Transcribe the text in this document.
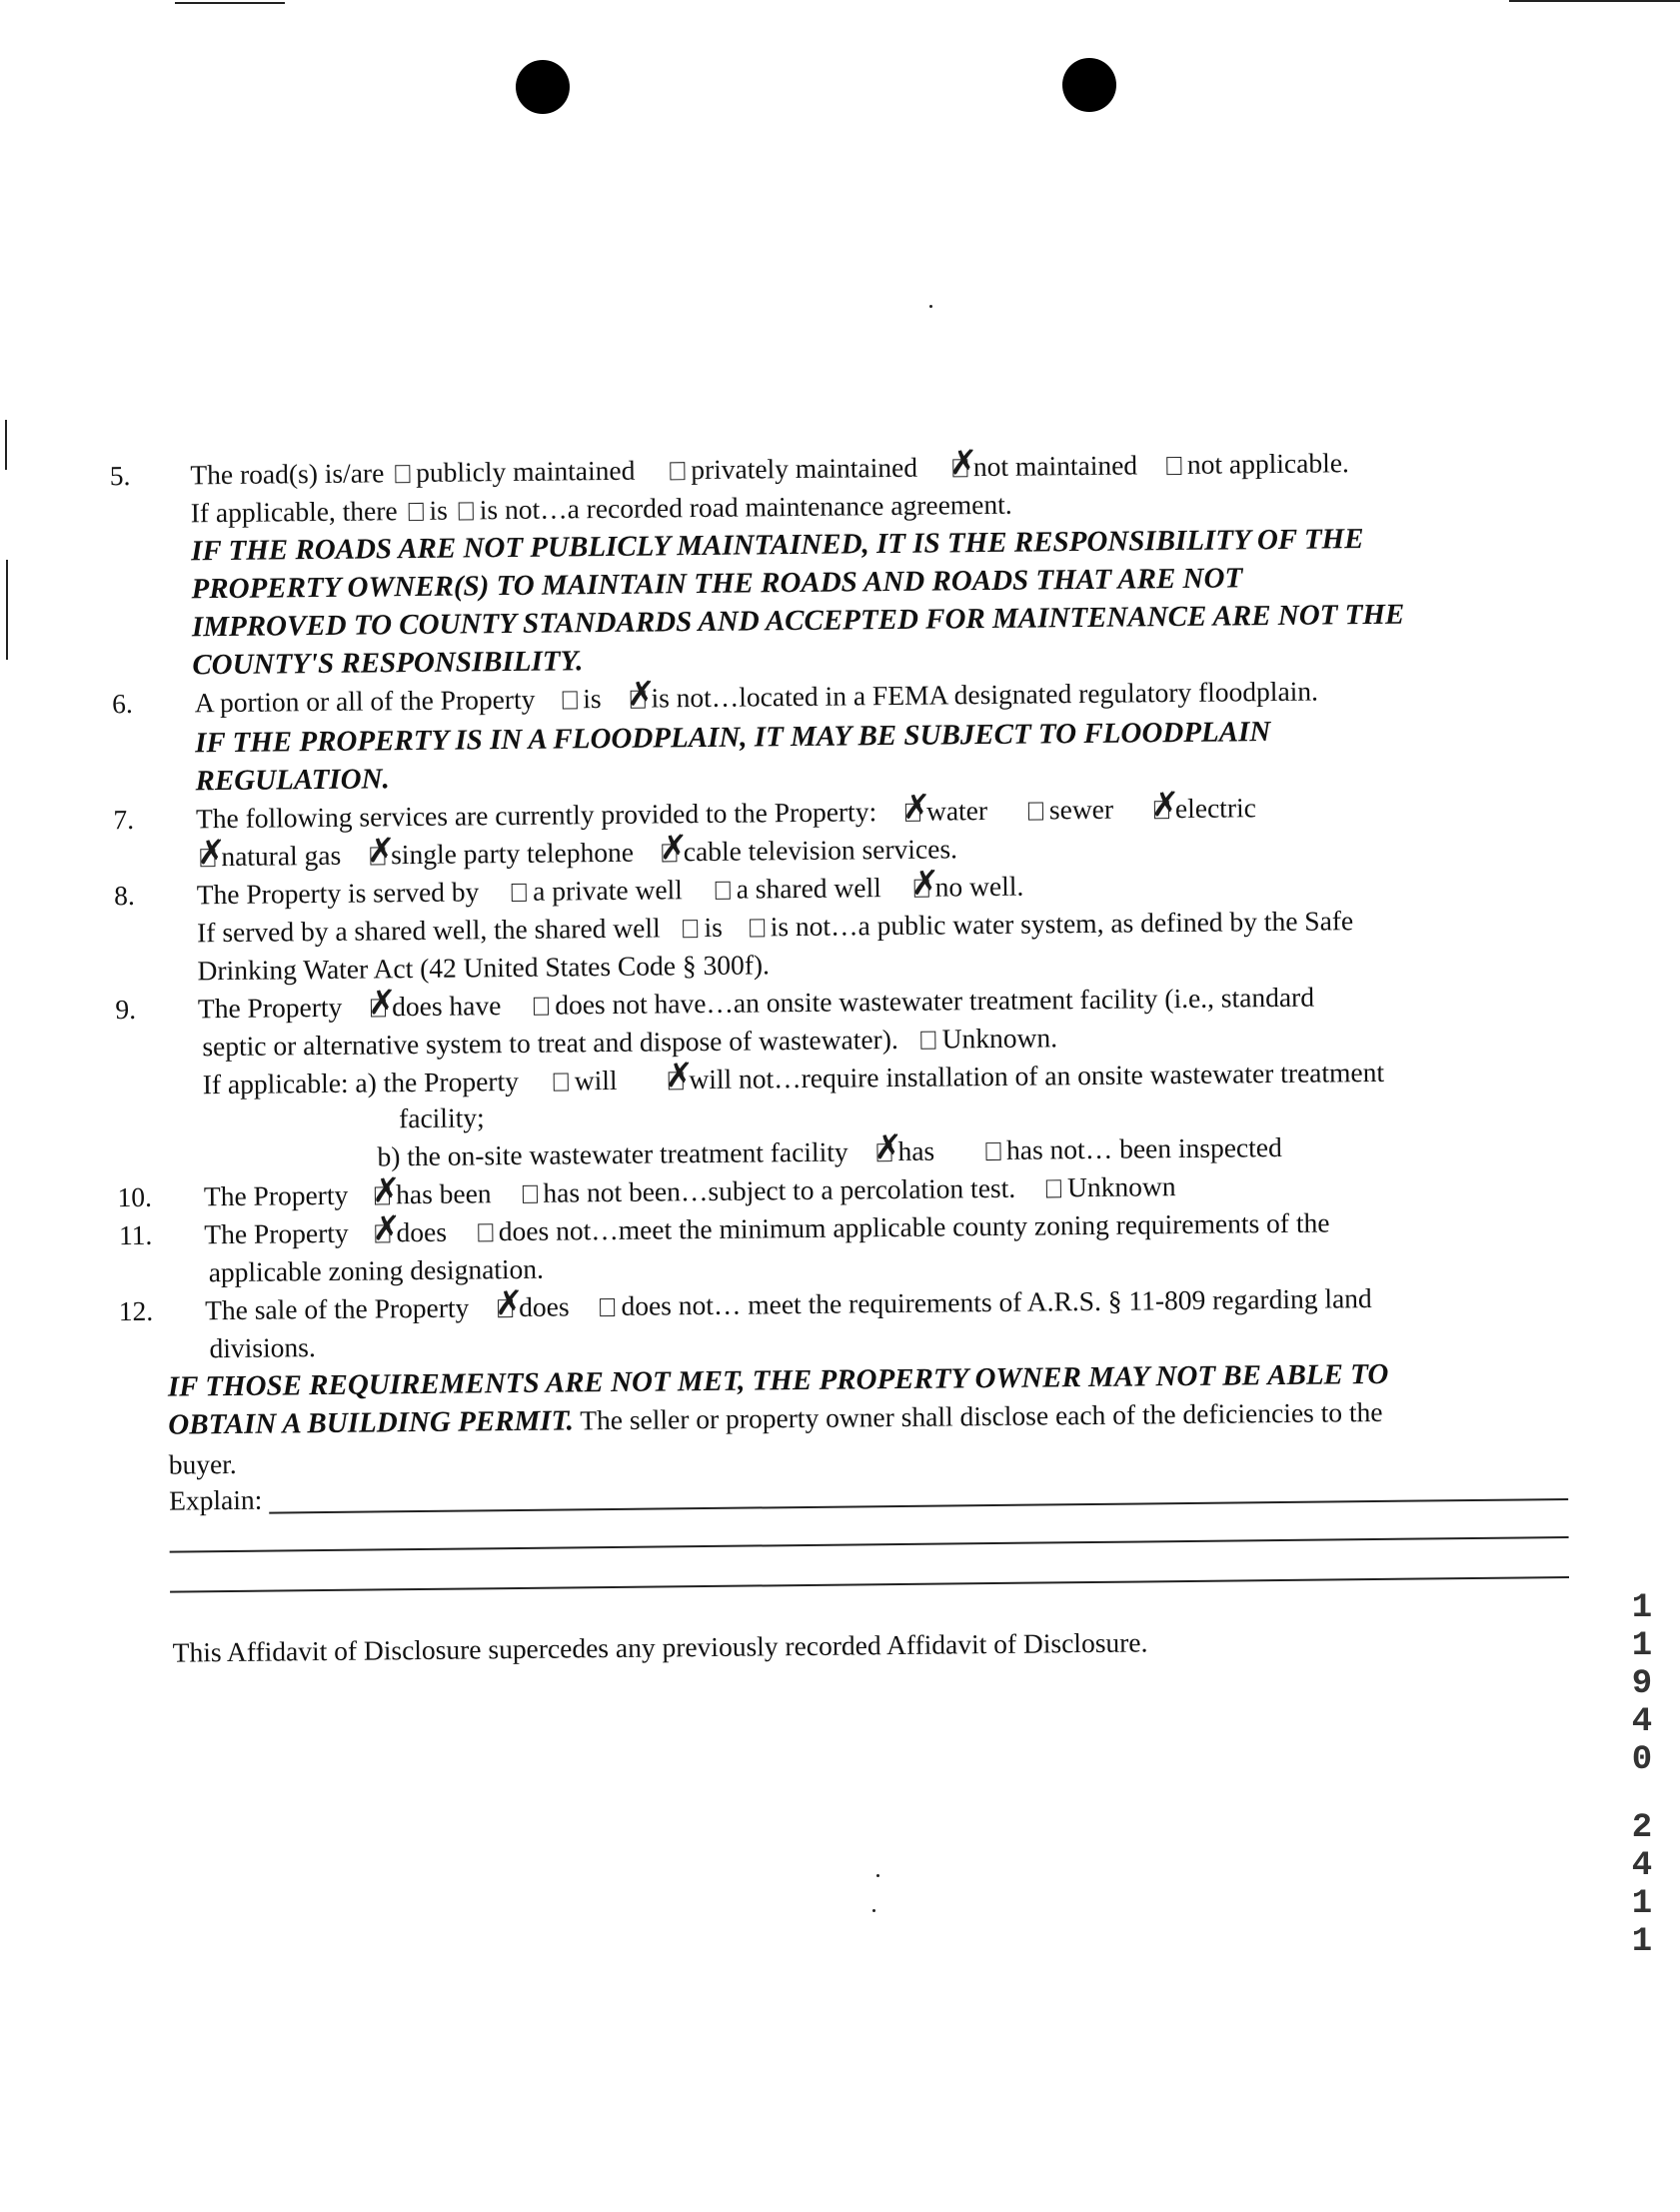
5. The road(s) is/are publicly maintained privately maintained ✗ not maintained not applicable.
If applicable, there is is not…a recorded road maintenance agreement.
IF THE ROADS ARE NOT PUBLICLY MAINTAINED, IT IS THE RESPONSIBILITY OF THE
PROPERTY OWNER(S) TO MAINTAIN THE ROADS AND ROADS THAT ARE NOT
IMPROVED TO COUNTY STANDARDS AND ACCEPTED FOR MAINTENANCE ARE NOT THE
COUNTY'S RESPONSIBILITY.
6. A portion or all of the Property is ✗ is not…located in a FEMA designated regulatory floodplain.
IF THE PROPERTY IS IN A FLOODPLAIN, IT MAY BE SUBJECT TO FLOODPLAIN
REGULATION.
7. The following services are currently provided to the Property: ✗ water sewer ✗ electric
✗natural gas ✗ single party telephone ✗ cable television services.
8. The Property is served by a private well a shared well ✗ no well.
If served by a shared well, the shared well is is not…a public water system, as defined by the Safe
Drinking Water Act (42 United States Code § 300f).
9. The Property ✗ does have does not have…an onsite wastewater treatment facility (i.e., standard
septic or alternative system to treat and dispose of wastewater). Unknown.
If applicable: a) the Property will ✗	will not…require installation of an onsite wastewater treatment
facility;
b) the on-site wastewater treatment facility ✗ has	has not… been inspected
10. The Property ✗ has been has not been…subject to a percolation test. Unknown
11. The Property ✗ does does not…meet the minimum applicable county zoning requirements of the
applicable zoning designation.
12. The sale of the Property ✗ does does not… meet the requirements of A.R.S. § 11-809 regarding land
divisions.
IF THOSE REQUIREMENTS ARE NOT MET, THE PROPERTY OWNER MAY NOT BE ABLE TO
OBTAIN A BUILDING PERMIT. The seller or property owner shall disclose each of the deficiencies to the
buyer.
Explain:
This Affidavit of Disclosure supercedes any previously recorded Affidavit of Disclosure.
1
1
9
4
0
2
4
1
1
